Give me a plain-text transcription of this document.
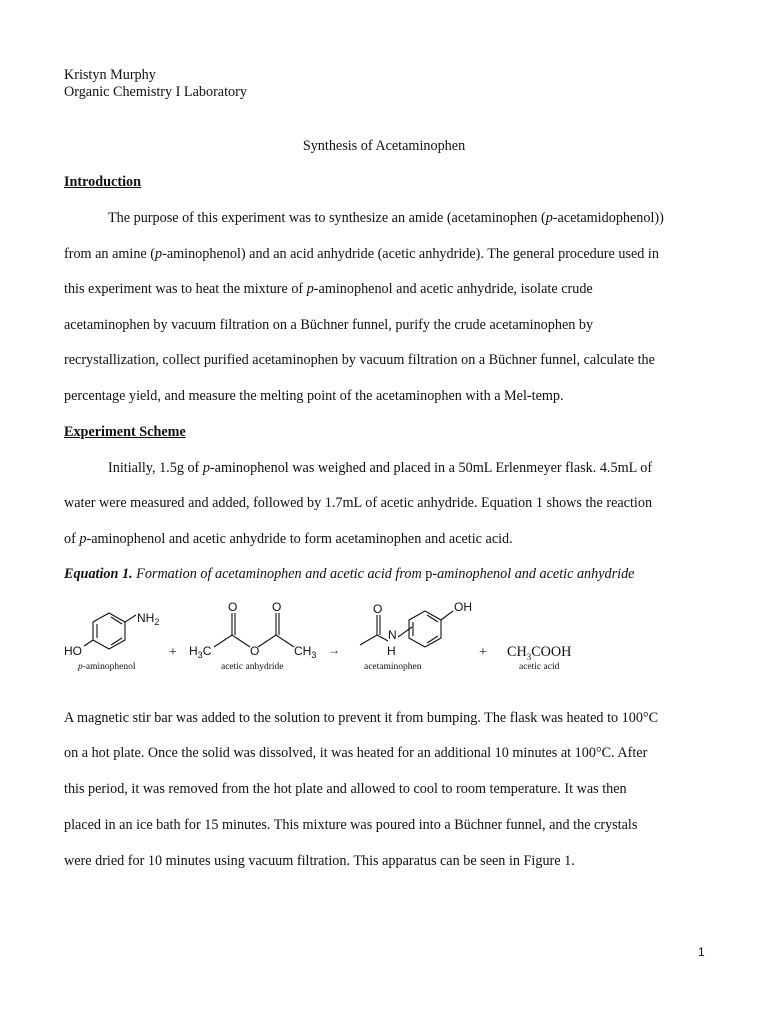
Kristyn Murphy
Organic Chemistry I Laboratory
Synthesis of Acetaminophen
Introduction
The purpose of this experiment was to synthesize an amide (acetaminophen (p-acetamidophenol))
from an amine (p-aminophenol) and an acid anhydride (acetic anhydride). The general procedure used in
this experiment was to heat the mixture of p-aminophenol and acetic anhydride, isolate crude
acetaminophen by vacuum filtration on a Büchner funnel, purify the crude acetaminophen by
recrystallization, collect purified acetaminophen by vacuum filtration on a Büchner funnel, calculate the
percentage yield, and measure the melting point of the acetaminophen with a Mel-temp.
Experiment Scheme
Initially, 1.5g of p-aminophenol was weighed and placed in a 50mL Erlenmeyer flask. 4.5mL of
water were measured and added, followed by 1.7mL of acetic anhydride. Equation 1 shows the reaction
of p-aminophenol and acetic anhydride to form acetaminophen and acetic acid.
Equation 1. Formation of acetaminophen and acetic acid from p-aminophenol and acetic anhydride
$NH_2$
HO
O	O
O
$H_3C$	$CH_3$ →
O
N
H
OH
+	+ $CH_3COOH$
p-aminophenol	acetic anhydride	acetaminophen	acetic acid
A magnetic stir bar was added to the solution to prevent it from bumping. The flask was heated to 100°C
on a hot plate. Once the solid was dissolved, it was heated for an additional 10 minutes at 100°C. After
this period, it was removed from the hot plate and allowed to cool to room temperature. It was then
placed in an ice bath for 15 minutes. This mixture was poured into a Büchner funnel, and the crystals
were dried for 10 minutes using vacuum filtration. This apparatus can be seen in Figure 1.
1
